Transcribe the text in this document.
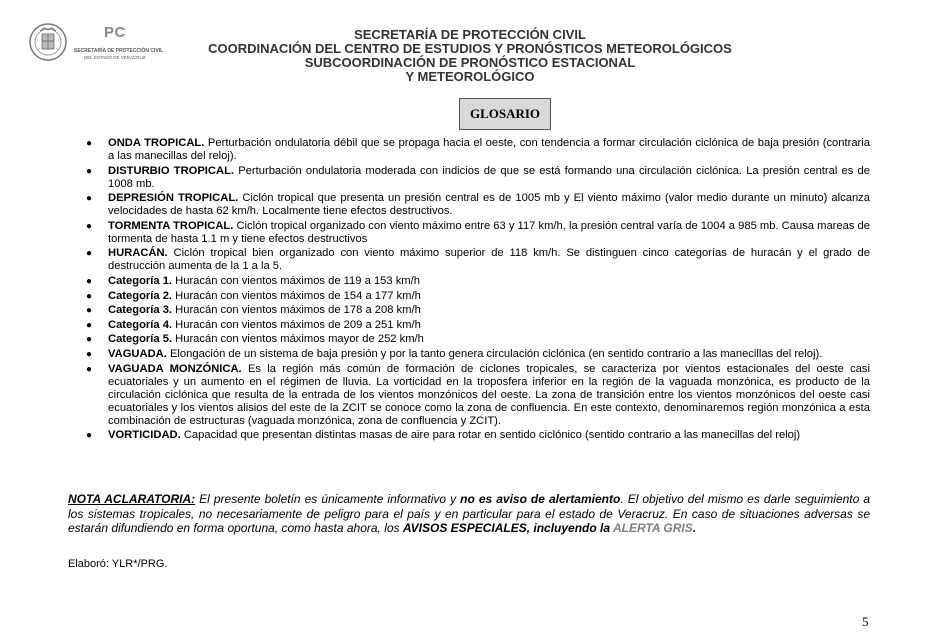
PC
SECRETARÍA DE PROTECCIÓN CIVIL
DEL ESTADO DE VERACRUZ
SECRETARÍA DE PROTECCIÓN CIVIL
COORDINACIÓN DEL CENTRO DE ESTUDIOS Y PRONÓSTICOS METEOROLÓGICOS
SUBCOORDINACIÓN DE PRONÓSTICO ESTACIONAL
Y METEOROLÓGICO
GLOSARIO
● ONDA TROPICAL. Perturbación ondulatoria débil que se propaga hacia el oeste, con tendencia a formar circulación ciclónica de baja presión (contraria a las manecillas del reloj).
● DISTURBIO TROPICAL. Perturbación ondulatoria moderada con indicios de que se está formando una circulación ciclónica. La presión central es de 1008 mb.
● DEPRESIÓN TROPICAL. Ciclón tropical que presenta un presión central es de 1005 mb y El viento máximo (valor medio durante un minuto) alcanza velocidades de hasta 62 km/h. Localmente tiene efectos destructivos.
● TORMENTA TROPICAL. Ciclón tropical organizado con viento máximo entre 63 y 117 km/h, la presión central varía de 1004 a 985 mb. Causa mareas de tormenta de hasta 1.1 m y tiene efectos destructivos
● HURACÁN. Ciclón tropical bien organizado con viento máximo superior de 118 km/h. Se distinguen cinco categorías de huracán y el grado de destrucción aumenta de la 1 a la 5.
● Categoría 1. Huracán con vientos máximos de 119 a 153 km/h
● Categoría 2. Huracán con vientos máximos de 154 a 177 km/h
● Categoría 3. Huracán con vientos máximos de 178 a 208 km/h
● Categoría 4. Huracán con vientos máximos de 209 a 251 km/h
● Categoría 5. Huracán con vientos máximos mayor de 252 km/h
● VAGUADA. Elongación de un sistema de baja presión y por la tanto genera circulación ciclónica (en sentido contrario a las manecillas del reloj).
● VAGUADA MONZÓNICA. Es la región más común de formación de ciclones tropicales, se caracteriza por vientos estacionales del oeste casi ecuatoriales y un aumento en el régimen de lluvia. La vorticidad en la troposfera inferior en la región de la vaguada monzónica, es producto de la circulación ciclónica que resulta de la entrada de los vientos monzónicos del oeste. La zona de transición entre los vientos monzónicos del oeste casi ecuatoriales y los vientos alisios del este de la ZCIT se conoce como la zona de confluencia. En este contexto, denominaremos región monzónica a esta combinación de estructuras (vaguada monzónica, zona de confluencia y ZCIT).
● VORTICIDAD. Capacidad que presentan distintas masas de aire para rotar en sentido ciclónico (sentido contrario a las manecillas del reloj)
NOTA ACLARATORIA: El presente boletín es únicamente informativo y no es aviso de alertamiento. El objetivo del mismo es darle seguimiento a los sistemas tropicales, no necesariamente de peligro para el país y en particular para el estado de Veracruz. En caso de situaciones adversas se estarán difundiendo en forma oportuna, como hasta ahora, los AVISOS ESPECIALES, incluyendo la ALERTA GRIS.
Elaboró: YLR*/PRG.
5
